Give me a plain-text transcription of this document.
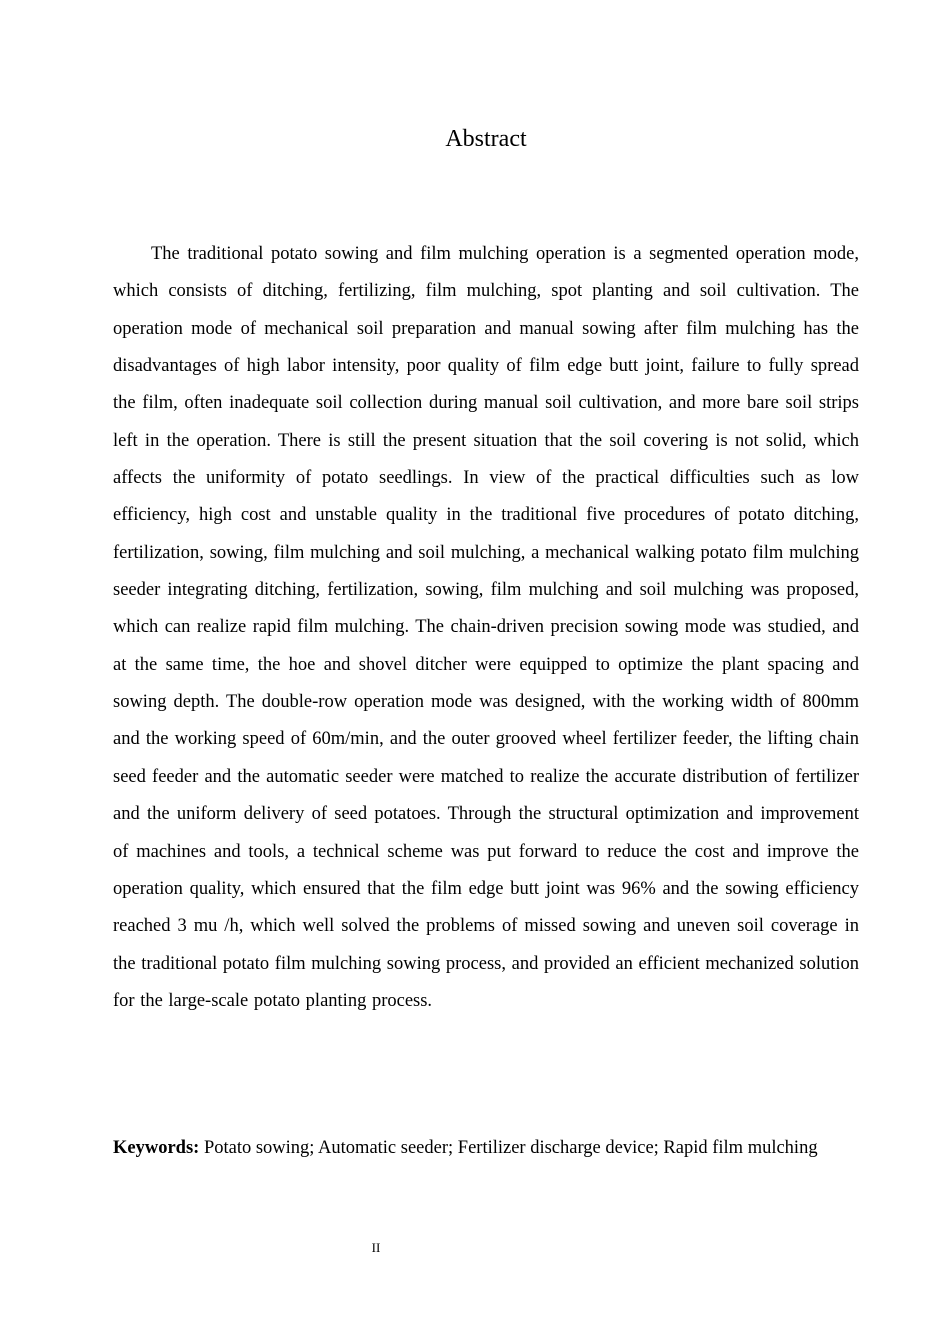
Abstract

The traditional potato sowing and film mulching operation is a segmented operation mode, which consists of ditching, fertilizing, film mulching, spot planting and soil cultivation. The operation mode of mechanical soil preparation and manual sowing after film mulching has the disadvantages of high labor intensity, poor quality of film edge butt joint, failure to fully spread the film, often inadequate soil collection during manual soil cultivation, and more bare soil strips left in the operation. There is still the present situation that the soil covering is not solid, which affects the uniformity of potato seedlings. In view of the practical difficulties such as low efficiency, high cost and unstable quality in the traditional five procedures of potato ditching, fertilization, sowing, film mulching and soil mulching, a mechanical walking potato film mulching seeder integrating ditching, fertilization, sowing, film mulching and soil mulching was proposed, which can realize rapid film mulching. The chain-driven precision sowing mode was studied, and at the same time, the hoe and shovel ditcher were equipped to optimize the plant spacing and sowing depth. The double-row operation mode was designed, with the working width of 800mm and the working speed of 60m/min, and the outer grooved wheel fertilizer feeder, the lifting chain seed feeder and the automatic seeder were matched to realize the accurate distribution of fertilizer and the uniform delivery of seed potatoes. Through the structural optimization and improvement of machines and tools, a technical scheme was put forward to reduce the cost and improve the operation quality, which ensured that the film edge butt joint was 96% and the sowing efficiency reached 3 mu /h, which well solved the problems of missed sowing and uneven soil coverage in the traditional potato film mulching sowing process, and provided an efficient mechanized solution for the large-scale potato planting process.

Keywords: Potato sowing; Automatic seeder; Fertilizer discharge device; Rapid film mulching

II
